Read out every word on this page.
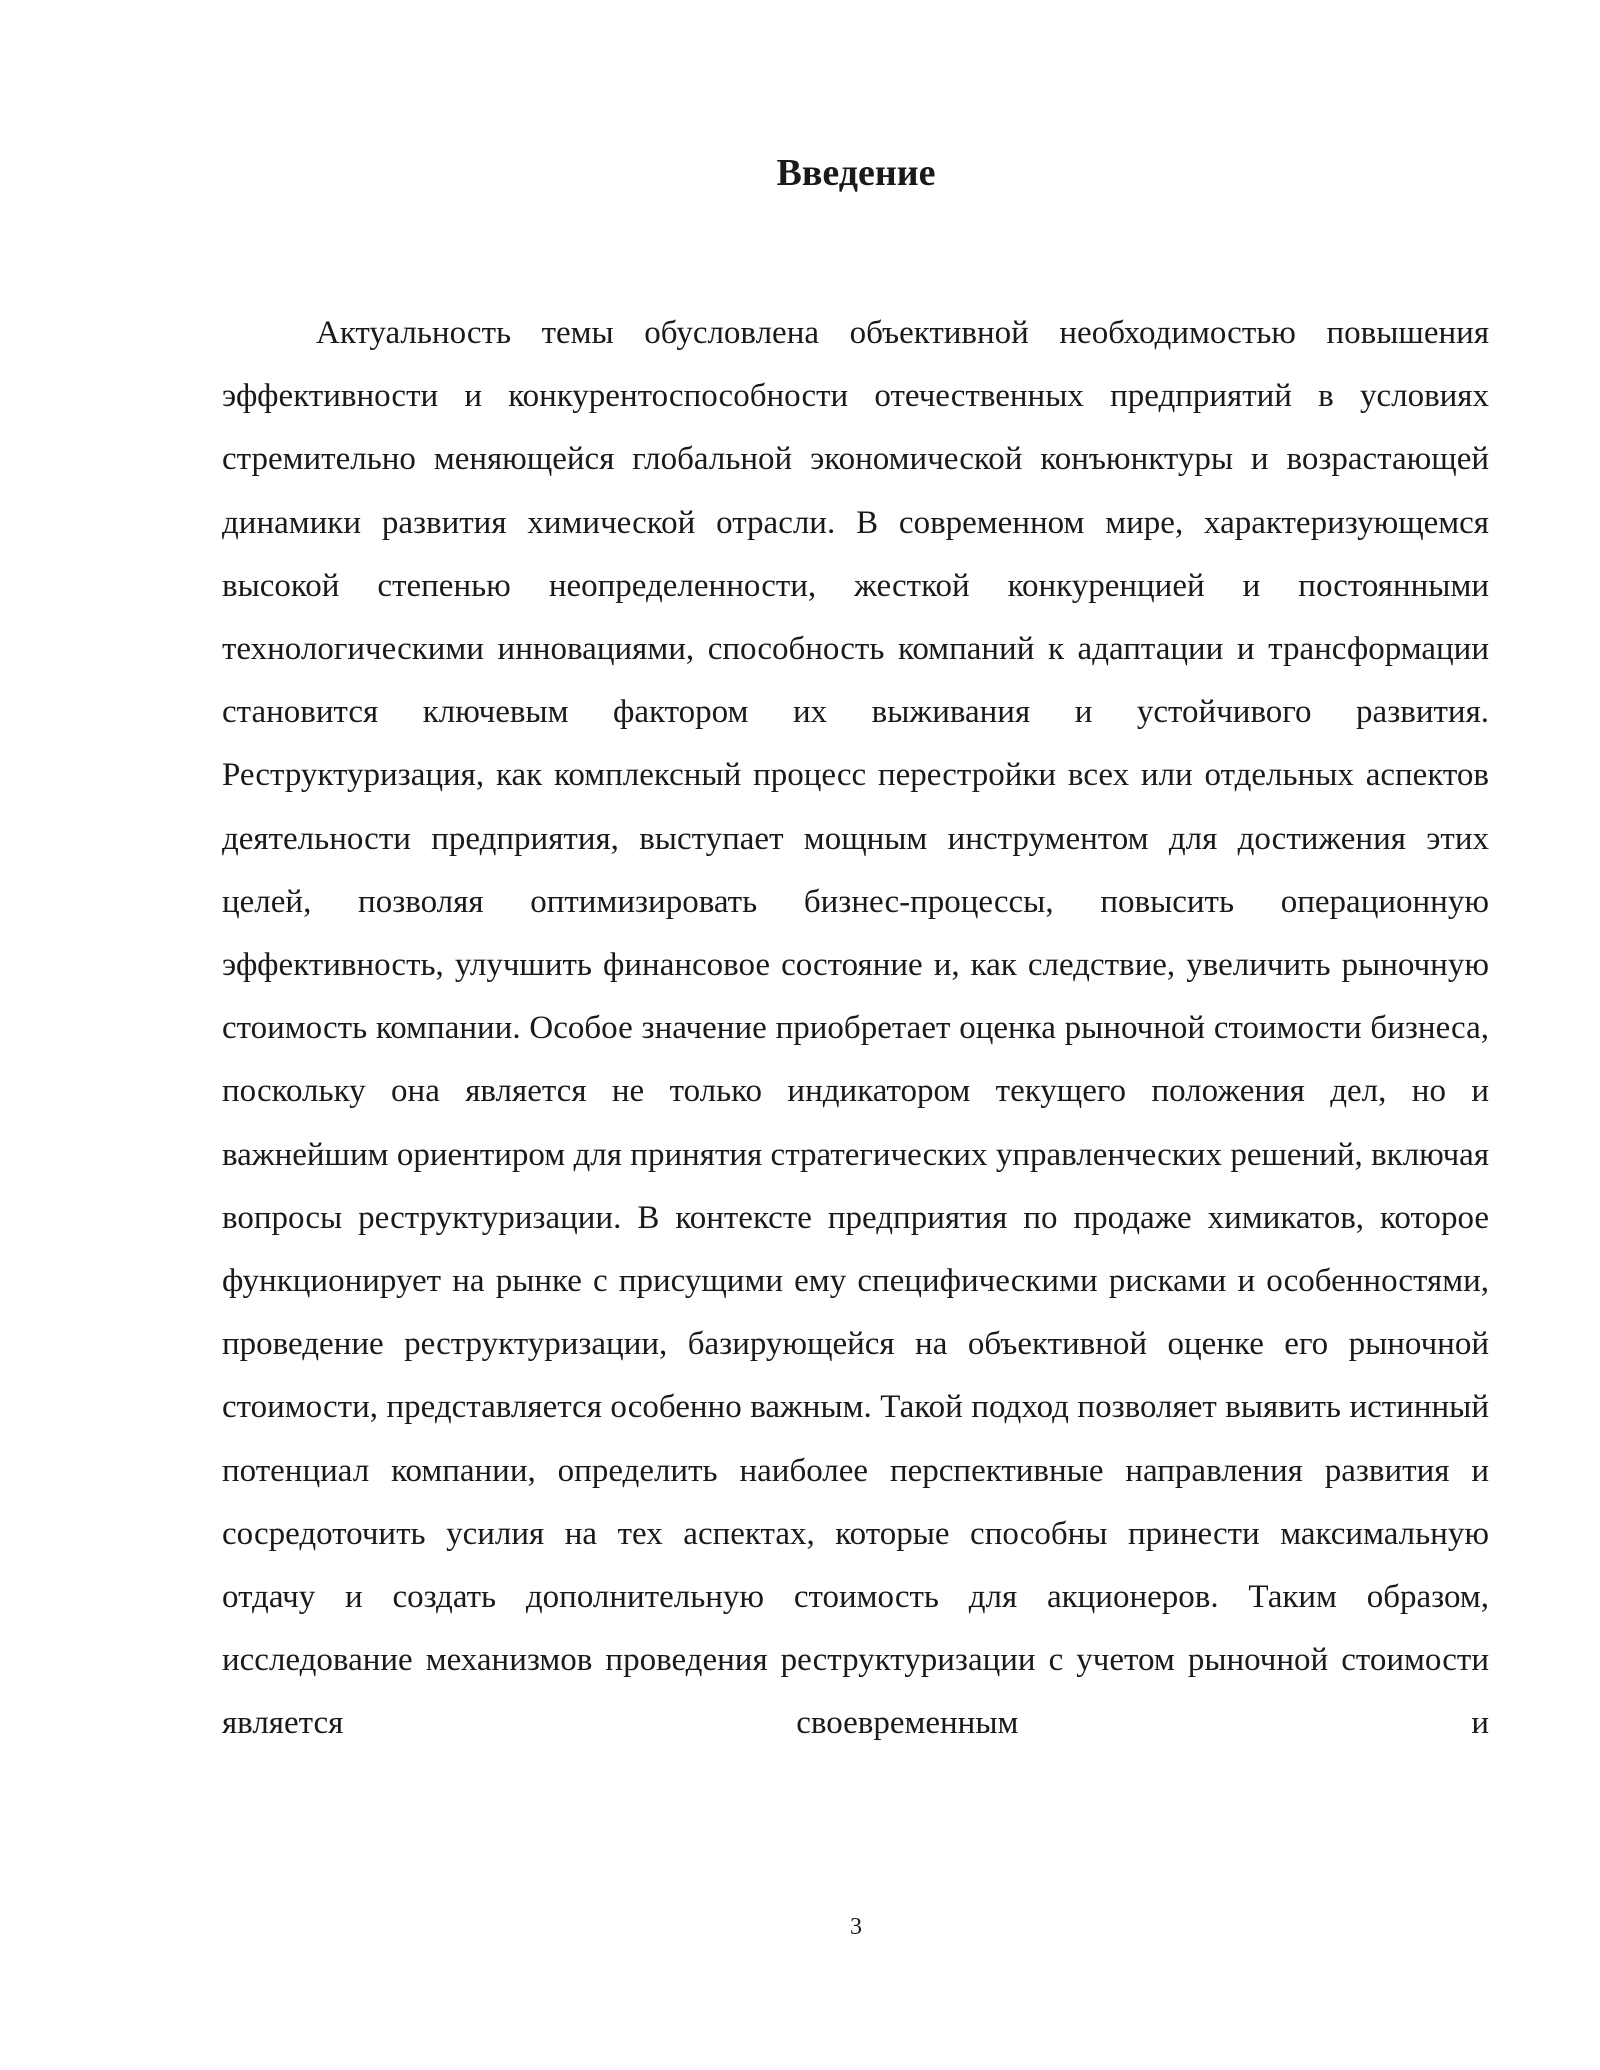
Введение

Актуальность темы обусловлена объективной необходимостью повышения эффективности и конкурентоспособности отечественных предприятий в условиях стремительно меняющейся глобальной экономической конъюнктуры и возрастающей динамики развития химической отрасли. В современном мире, характеризующемся высокой степенью неопределенности, жесткой конкуренцией и постоянными технологическими инновациями, способность компаний к адаптации и трансформации становится ключевым фактором их выживания и устойчивого развития. Реструктуризация, как комплексный процесс перестройки всех или отдельных аспектов деятельности предприятия, выступает мощным инструментом для достижения этих целей, позволяя оптимизировать бизнес-процессы, повысить операционную эффективность, улучшить финансовое состояние и, как следствие, увеличить рыночную стоимость компании. Особое значение приобретает оценка рыночной стоимости бизнеса, поскольку она является не только индикатором текущего положения дел, но и важнейшим ориентиром для принятия стратегических управленческих решений, включая вопросы реструктуризации. В контексте предприятия по продаже химикатов, которое функционирует на рынке с присущими ему специфическими рисками и особенностями, проведение реструктуризации, базирующейся на объективной оценке его рыночной стоимости, представляется особенно важным. Такой подход позволяет выявить истинный потенциал компании, определить наиболее перспективные направления развития и сосредоточить усилия на тех аспектах, которые способны принести максимальную отдачу и создать дополнительную стоимость для акционеров. Таким образом, исследование механизмов проведения реструктуризации с учетом рыночной стоимости является своевременным и

3
